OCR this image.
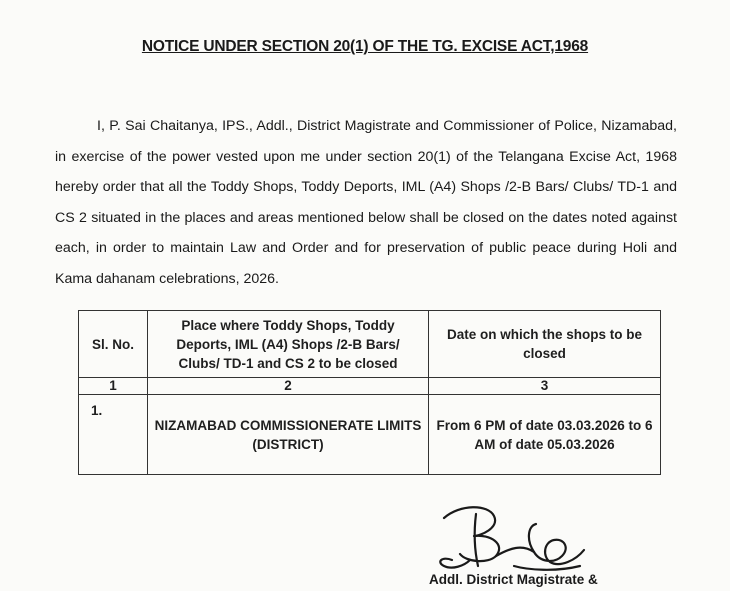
NOTICE UNDER SECTION 20(1) OF THE TG. EXCISE ACT,1968
I, P. Sai Chaitanya, IPS., Addl., District Magistrate and Commissioner of Police, Nizamabad, in exercise of the power vested upon me under section 20(1) of the Telangana Excise Act, 1968 hereby order that all the Toddy Shops, Toddy Deports, IML (A4) Shops /2-B Bars/ Clubs/ TD-1 and CS 2 situated in the places and areas mentioned below shall be closed on the dates noted against each, in order to maintain Law and Order and for preservation of public peace during Holi and Kama dahanam celebrations, 2026.
Sl. No.	Place where Toddy Shops, Toddy Deports, IML (A4) Shops /2-B Bars/ Clubs/ TD-1 and CS 2 to be closed	Date on which the shops to be closed
1	2	3
1.	NIZAMABAD COMMISSIONERATE LIMITS (DISTRICT)	From 6 PM of date 03.03.2026 to 6 AM of date 05.03.2026
Addl. District Magistrate &
